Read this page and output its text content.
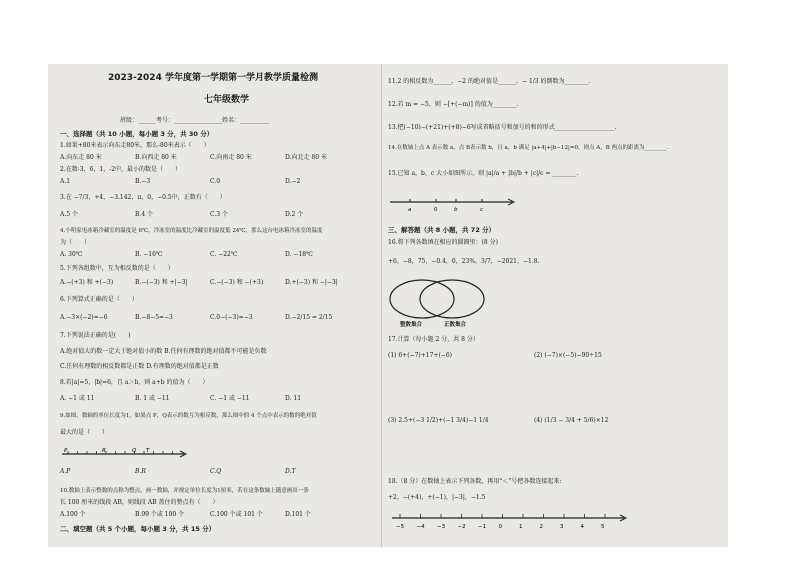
2023-2024 学年度第一学期第一学月教学质量检测
七年级数学
班级：______考号：________________姓名：__________
一、选择题（共 10 小题，每小题 3 分，共 30 分）
1.如果+80米表示向东走80米，那么-80米表示（　　）
A.向东走 80 米	B.向西走 80 米	C.向南走 80 米	D.向北走 80 米
2.在数-3，6，1，-2中，最小的数是（　　）
A.1	B.−3	C.0	D.−2
3.在 −7/3，+4，−3.142，π，0，−0.5中，正数有（　　）
A.5 个	B.4 个	C.3 个	D.2 个
4.小明家电冰箱冷藏室的温度是 6℃，冷冻室的温度比冷藏室的温度低 24℃，那么这台电冰箱冷冻室的温度
为（　　）
A. 30℃	B. −16℃	C. −22℃	D. −18℃
5.下列各组数中，互为相反数的是（　　）
A.−(+3) 和 +(−3)	B.−(−3) 和 +|−3|	C.−(−3) 和 −(+3)	D.+(−3) 和 −|−3|
6.下列算式正确的是（　　）
A.−3×(−2)=−6	B.−8−5=−3	C.0−(−3)=−3	D.−2/15 = 2/15
7.下列说法正确的是(　　)
A.绝对值大的数一定大于绝对值小的数 B.任何有理数的绝对值都不可能是负数
C.任何有理数的相反数都是正数 D.有理数的绝对值都是正数
8.若|a|=5，|b|=6，且 a＞b，则 a+b 的值为（　　）
A. −1 或 11	B. 1 或 −11	C. −1 或 −11	D. 11
9.如图，数轴的单位长度为1，如果点 P，Q表示的数互为相反数，那么图中的 4 个点中表示的数的绝对值
最大的是（　　）
P	R	Q T
A.P	B.R	C.Q	D.T
10.数轴上表示整数的点称为整点，画一数轴，并规定单位长度为1厘米，若在这条数轴上随意画出一条
长 100 厘米的线段 AB，则线段 AB 盖住的整点有（　　）
A.100 个	B.99 个或 100 个	C.100 个或 101 个	D.101 个
二、填空题（共 5 个小题，每小题 3 分，共 15 分）
11.2 的相反数为______，−2 的绝对值是______，− 1/3 的倒数为________.
12.若 m = −5，则 −[+(−m)] 的值为________.
13.把(−10)−(+21)+(+8)−6写成省略括号和加号的和的形式____________________.
14.在数轴上点 A 表示数 a，点 B表示数 b，且 a，b 满足 |a+4|+|b−12|=0，则点 A，B 两点的距离为________.
15.已知 a，b，c 大小如图所示，则 |a|/a + |b|/b + |c|/c = ________.
a	0	b	c
三、解答题（共 8 小题，共 72 分）
16.将下列各数填在相应的圆圈里：(8 分)
+6，−8，75，−0.4，0，23%，3/7，−2021，−1.8.
整数集合	正数集合
17.计算（每小题 2 分，共 8 分）
(1) 6+(−7)+17+(−6)	(2) (−7)×(−5)−90÷15
(3) 2.5+(−3 1/2)+(−1 3/4)−1 1/4	(4) (1/3 − 3/4 + 5/6)×12
18.（8 分）在数轴上表示下列各数，再用“＜”号把各数连接起来:
+2，−(+4)，+(−1)，|−3|，−1.5
−5 −4 −3 −2 −1 0	1	2	3	4	5
